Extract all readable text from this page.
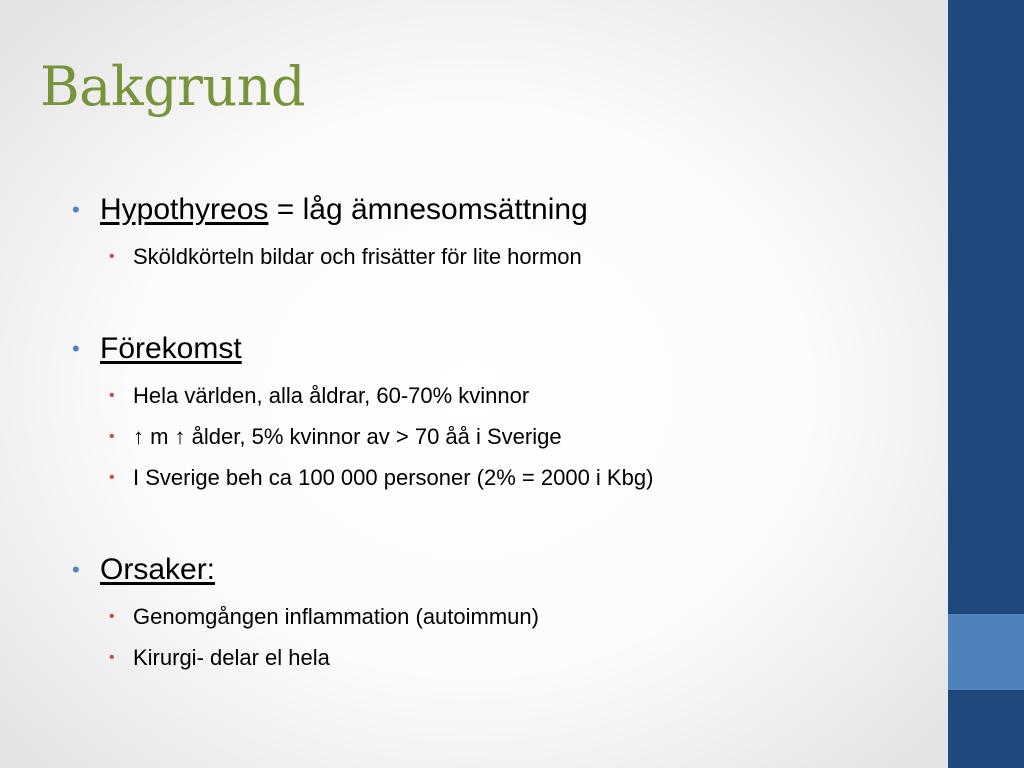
Bakgrund
• Hypothyreos = låg ämnesomsättning
• Sköldkörteln bildar och frisätter för lite hormon
• Förekomst
• Hela världen, alla åldrar, 60-70% kvinnor
• ↑ m ↑ ålder, 5% kvinnor av > 70 åå i Sverige
• I Sverige beh ca 100 000 personer (2% = 2000 i Kbg)
• Orsaker:
• Genomgången inflammation (autoimmun)
• Kirurgi- delar el hela
